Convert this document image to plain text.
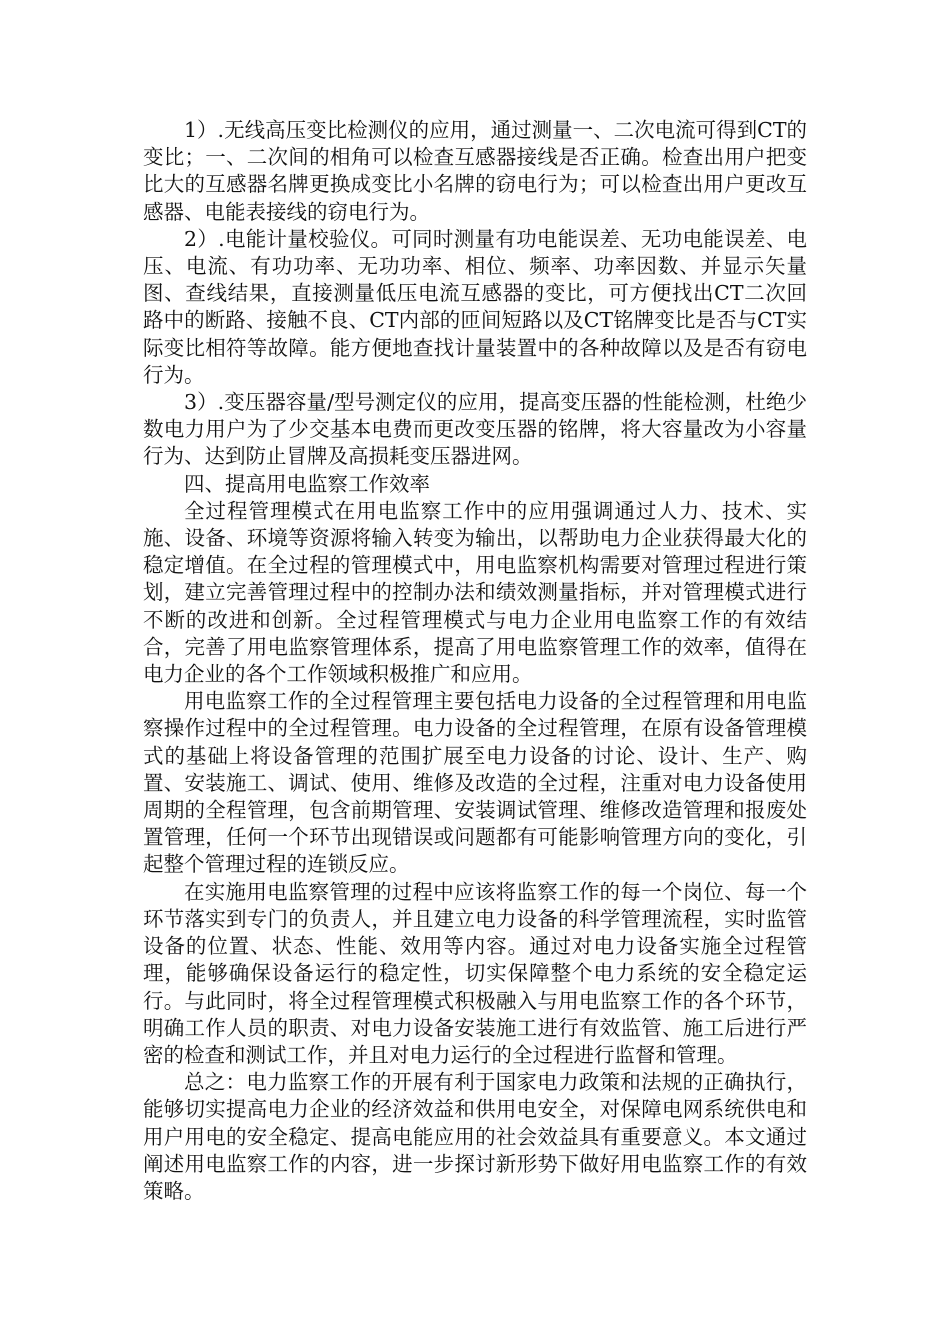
1）.无线高压变比检测仪的应用，通过测量一、二次电流可得到CT的变比；一、二次间的相角可以检查互感器接线是否正确。检查出用户把变比大的互感器名牌更换成变比小名牌的窃电行为；可以检查出用户更改互感器、电能表接线的窃电行为。

2）.电能计量校验仪。可同时测量有功电能误差、无功电能误差、电压、电流、有功功率、无功功率、相位、频率、功率因数、并显示矢量图、查线结果，直接测量低压电流互感器的变比，可方便找出CT二次回路中的断路、接触不良、CT内部的匝间短路以及CT铭牌变比是否与CT实际变比相符等故障。能方便地查找计量装置中的各种故障以及是否有窃电行为。

3）.变压器容量/型号测定仪的应用，提高变压器的性能检测，杜绝少数电力用户为了少交基本电费而更改变压器的铭牌，将大容量改为小容量行为、达到防止冒牌及高损耗变压器进网。

四、提高用电监察工作效率

全过程管理模式在用电监察工作中的应用强调通过人力、技术、实施、设备、环境等资源将输入转变为输出，以帮助电力企业获得最大化的稳定增值。在全过程的管理模式中，用电监察机构需要对管理过程进行策划，建立完善管理过程中的控制办法和绩效测量指标，并对管理模式进行不断的改进和创新。全过程管理模式与电力企业用电监察工作的有效结合，完善了用电监察管理体系，提高了用电监察管理工作的效率，值得在电力企业的各个工作领域积极推广和应用。

用电监察工作的全过程管理主要包括电力设备的全过程管理和用电监察操作过程中的全过程管理。电力设备的全过程管理，在原有设备管理模式的基础上将设备管理的范围扩展至电力设备的讨论、设计、生产、购置、安装施工、调试、使用、维修及改造的全过程，注重对电力设备使用周期的全程管理，包含前期管理、安装调试管理、维修改造管理和报废处置管理，任何一个环节出现错误或问题都有可能影响管理方向的变化，引起整个管理过程的连锁反应。

在实施用电监察管理的过程中应该将监察工作的每一个岗位、每一个环节落实到专门的负责人，并且建立电力设备的科学管理流程，实时监管设备的位置、状态、性能、效用等内容。通过对电力设备实施全过程管理，能够确保设备运行的稳定性，切实保障整个电力系统的安全稳定运行。与此同时，将全过程管理模式积极融入与用电监察工作的各个环节，明确工作人员的职责、对电力设备安装施工进行有效监管、施工后进行严密的检查和测试工作，并且对电力运行的全过程进行监督和管理。

总之：电力监察工作的开展有利于国家电力政策和法规的正确执行，能够切实提高电力企业的经济效益和供用电安全，对保障电网系统供电和用户用电的安全稳定、提高电能应用的社会效益具有重要意义。本文通过阐述用电监察工作的内容，进一步探讨新形势下做好用电监察工作的有效策略。
